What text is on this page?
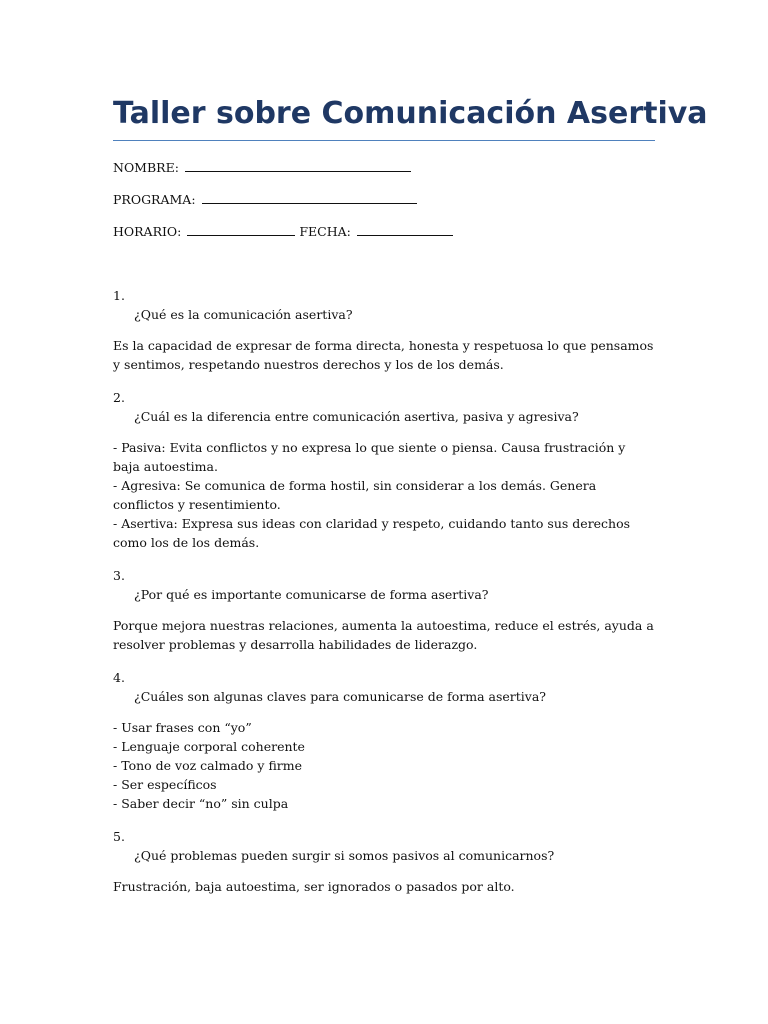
Taller sobre Comunicación Asertiva

NOMBRE:

PROGRAMA:

HORARIO:	FECHA:

1.

¿Qué es la comunicación asertiva?

Es la capacidad de expresar de forma directa, honesta y respetuosa lo que pensamos y sentimos, respetando nuestros derechos y los de los demás.

2.

¿Cuál es la diferencia entre comunicación asertiva, pasiva y agresiva?

- Pasiva: Evita conflictos y no expresa lo que siente o piensa. Causa frustración y baja autoestima.
- Agresiva: Se comunica de forma hostil, sin considerar a los demás. Genera conflictos y resentimiento.
- Asertiva: Expresa sus ideas con claridad y respeto, cuidando tanto sus derechos como los de los demás.

3.

¿Por qué es importante comunicarse de forma asertiva?

Porque mejora nuestras relaciones, aumenta la autoestima, reduce el estrés, ayuda a resolver problemas y desarrolla habilidades de liderazgo.

4.

¿Cuáles son algunas claves para comunicarse de forma asertiva?

- Usar frases con “yo”
- Lenguaje corporal coherente
- Tono de voz calmado y firme
- Ser específicos
- Saber decir “no” sin culpa

5.

¿Qué problemas pueden surgir si somos pasivos al comunicarnos?

Frustración, baja autoestima, ser ignorados o pasados por alto.
